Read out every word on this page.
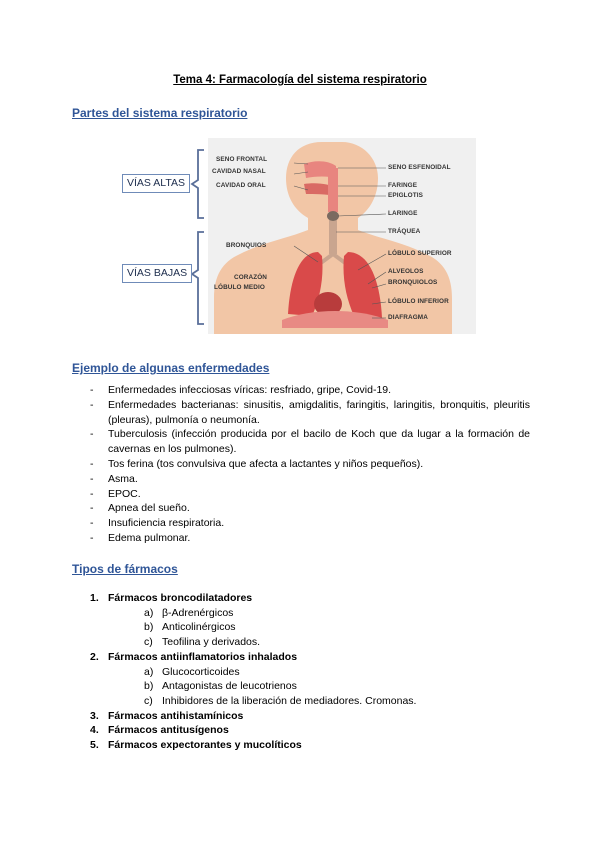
Tema 4: Farmacología del sistema respiratorio
Partes del sistema respiratorio
VÍAS ALTAS
VÍAS BAJAS
SENO FRONTAL
CAVIDAD NASAL
CAVIDAD ORAL
BRONQUIOS
CORAZÓN
LÓBULO MEDIO
SENO ESFENOIDAL
FARINGE
EPIGLOTIS
LARINGE
TRÁQUEA
LÓBULO SUPERIOR
ALVEOLOS
BRONQUIOLOS
LÓBULO INFERIOR
DIAFRAGMA
Ejemplo de algunas enfermedades
- Enfermedades infecciosas víricas: resfriado, gripe, Covid-19.
- Enfermedades bacterianas: sinusitis, amigdalitis, faringitis, laringitis, bronquitis, pleuritis (pleuras), pulmonía o neumonía.
- Tuberculosis (infección producida por el bacilo de Koch que da lugar a la formación de cavernas en los pulmones).
- Tos ferina (tos convulsiva que afecta a lactantes y niños pequeños).
- Asma.
- EPOC.
- Apnea del sueño.
- Insuficiencia respiratoria.
- Edema pulmonar.
Tipos de fármacos
1. Fármacos broncodilatadores
a) β-Adrenérgicos
b) Anticolinérgicos
c) Teofilina y derivados.
2. Fármacos antiinflamatorios inhalados
a) Glucocorticoides
b) Antagonistas de leucotrienos
c) Inhibidores de la liberación de mediadores. Cromonas.
3. Fármacos antihistamínicos
4. Fármacos antitusígenos
5. Fármacos expectorantes y mucolíticos
